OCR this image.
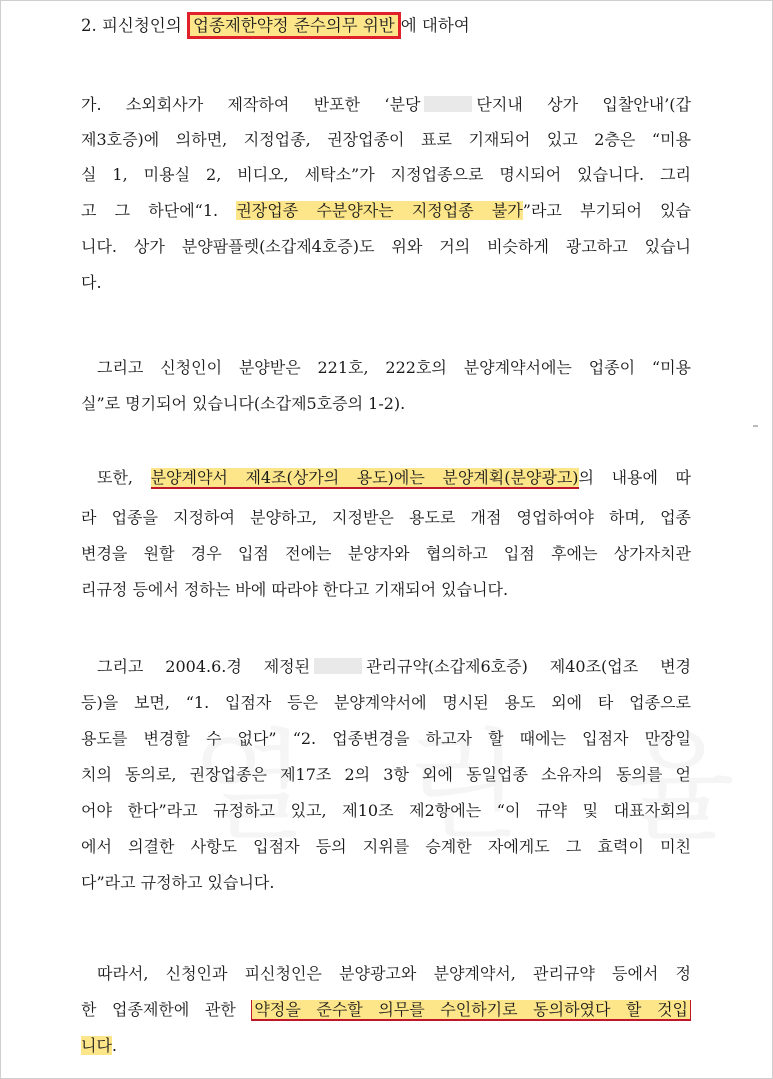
2. 피신청인의 업종제한약정 준수의무 위반 에 대하여
가. 소외회사가 제작하여 반포한 ‘분당	단지내 상가 입찰안내’(갑
제3호증)에 의하면, 지정업종, 권장업종이 표로 기재되어 있고 2층은 “미용
실 1, 미용실 2, 비디오, 세탁소”가 지정업종으로 명시되어 있습니다. 그리
고 그 하단에“1. 권장업종 수분양자는 지정업종 불가”라고 부기되어 있습
니다. 상가 분양팜플렛(소갑제4호증)도 위와 거의 비슷하게 광고하고 있습니
다.
그리고 신청인이 분양받은 221호, 222호의 분양계약서에는 업종이 “미용
실”로 명기되어 있습니다(소갑제5호증의 1-2).
또한, 분양계약서 제4조(상가의 용도)에는 분양계획(분양광고)의 내용에 따
라 업종을 지정하여 분양하고, 지정받은 용도로 개점 영업하여야 하며, 업종
변경을 원할 경우 입점 전에는 분양자와 협의하고 입점 후에는 상가자치관
리규정 등에서 정하는 바에 따라야 한다고 기재되어 있습니다.
그리고 2004.6.경 제정된	관리규약(소갑제6호증) 제40조(업조 변경
등)을 보면, “1. 입점자 등은 분양계약서에 명시된 용도 외에 타 업종으로
용도를 변경할 수 없다” “2. 업종변경을 하고자 할 때에는 입점자 만장일
치의 동의로, 권장업종은 제17조 2의 3항 외에 동일업종 소유자의 동의를 얻
어야 한다”라고 규정하고 있고, 제10조 제2항에는 “이 규약 및 대표자회의
에서 의결한 사항도 입점자 등의 지위를 승계한 자에게도 그 효력이 미친
다”라고 규정하고 있습니다.
따라서, 신청인과 피신청인은 분양광고와 분양계약서, 관리규약 등에서 정
한 업종제한에 관한 약정을 준수할 의무를 수인하기로 동의하였다 할 것입
니다.
